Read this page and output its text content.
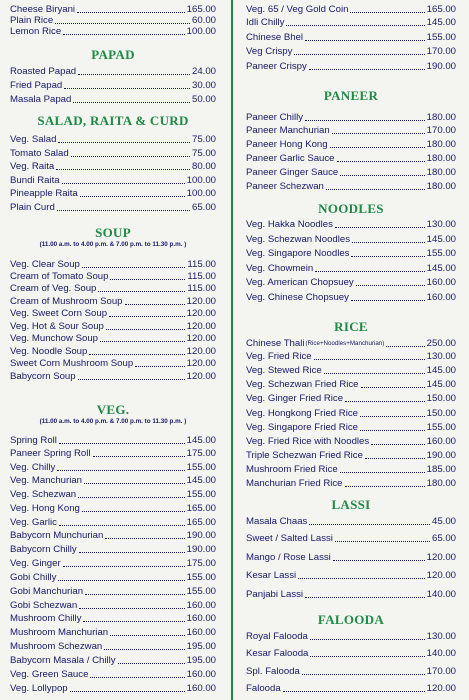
Cheese Biryani	165.00
Plain Rice	60.00
Lemon Rice	100.00
PAPAD
Roasted Papad	24.00
Fried Papad	30.00
Masala Papad	50.00
SALAD, RAITA & CURD
Veg. Salad	75.00
Tomato Salad	75.00
Veg. Raita	80.00
Bundi Raita	100.00
Pineapple Raita	100.00
Plain Curd	65.00
SOUP
(11.00 a.m. to 4.00 p.m. & 7.00 p.m. to 11.30 p.m. )
Veg. Clear Soup	115.00
Cream of Tomato Soup	115.00
Cream of Veg. Soup	115.00
Cream of Mushroom Soup	120.00
Veg. Sweet Corn Soup	120.00
Veg. Hot & Sour Soup	120.00
Veg. Munchow Soup	120.00
Veg. Noodle Soup	120.00
Sweet Corn Mushroom Soup	120.00
Babycorn Soup	120.00
VEG.
(11.00 a.m. to 4.00 p.m. & 7.00 p.m. to 11.30 p.m. )
Spring Roll	145.00
Paneer Spring Roll	175.00
Veg. Chilly	155.00
Veg. Manchurian	145.00
Veg. Schezwan	155.00
Veg. Hong Kong	165.00
Veg. Garlic	165.00
Babycorn Munchurian	190.00
Babycorn Chilly	190.00
Veg. Ginger	175.00
Gobi Chilly	155.00
Gobi Manchurian	155.00
Gobi Schezwan	160.00
Mushroom Chilly	160.00
Mushroom Manchurian	160.00
Mushroom Schezwan	195.00
Babycorn Masala / Chilly	195.00
Veg. Green Sauce	160.00
Veg. Lollypop	160.00
Veg. 65 / Veg Gold Coin	165.00
Idli Chilly	145.00
Chinese Bhel	155.00
Veg Crispy	170.00
Paneer Crispy	190.00
PANEER
Paneer Chilly	180.00
Paneer Manchurian	170.00
Paneer Hong Kong	180.00
Paneer Garlic Sauce	180.00
Paneer Ginger Sauce	180.00
Paneer Schezwan	180.00
NOODLES
Veg. Hakka Noodles	130.00
Veg. Schezwan Noodles	145.00
Veg. Singapore Noodles	155.00
Veg. Chowmein	145.00
Veg. American Chopsuey	160.00
Veg. Chinese Chopsuey	160.00
RICE
Chinese Thali (Rice+Noodles+Manchurian)	250.00
Veg. Fried Rice	130.00
Veg. Stewed Rice	145.00
Veg. Schezwan Fried Rice	145.00
Veg. Ginger Fried Rice	150.00
Veg. Hongkong Fried Rice	150.00
Veg. Singapore Fried Rice	155.00
Veg. Fried Rice with Noodles	160.00
Triple Schezwan Fried Rice	190.00
Mushroom Fried Rice	185.00
Manchurian Fried Rice	180.00
LASSI
Masala Chaas	45.00
Sweet / Salted Lassi	65.00
Mango / Rose Lassi	120.00
Kesar Lassi	120.00
Panjabi Lassi	140.00
FALOODA
Royal Falooda	130.00
Kesar Falooda	140.00
Spl. Falooda	170.00
Falooda	120.00
